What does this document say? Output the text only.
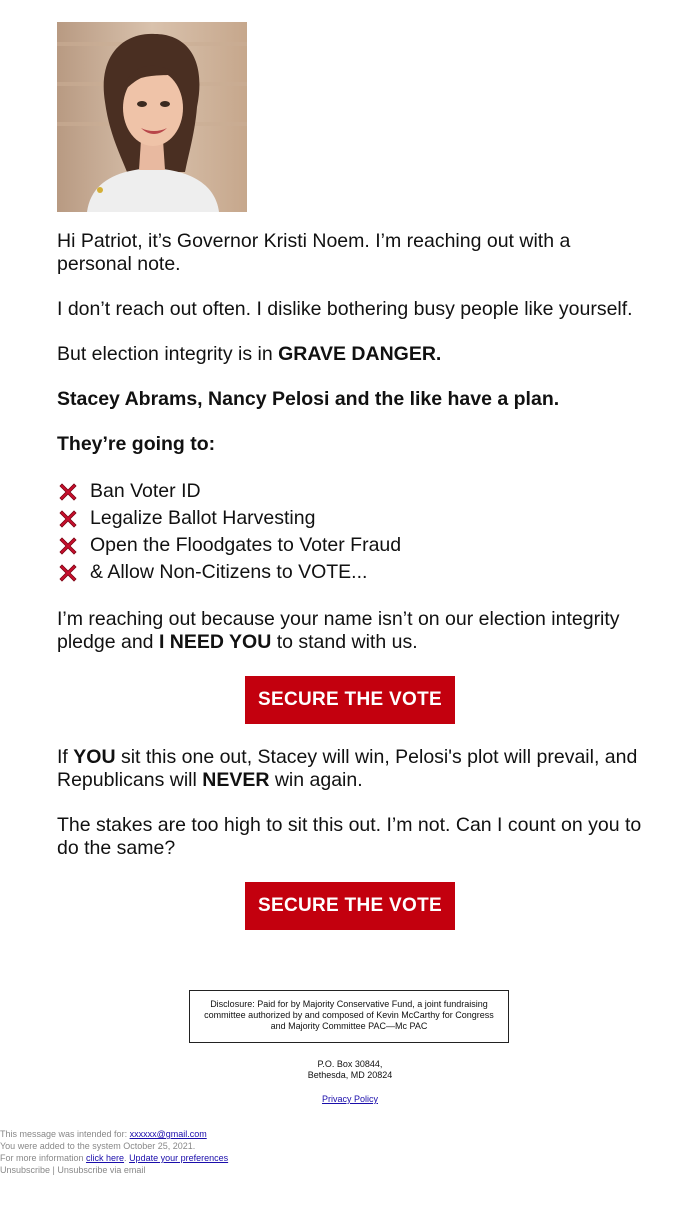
Hi Patriot, it’s Governor Kristi Noem. I’m reaching out with a personal note.

I don’t reach out often. I dislike bothering busy people like yourself.

But election integrity is in GRAVE DANGER.

Stacey Abrams, Nancy Pelosi and the like have a plan.

They’re going to:

Ban Voter ID
Legalize Ballot Harvesting
Open the Floodgates to Voter Fraud
& Allow Non-Citizens to VOTE...

I’m reaching out because your name isn’t on our election integrity pledge and I NEED YOU to stand with us.

SECURE THE VOTE

If YOU sit this one out, Stacey will win, Pelosi's plot will prevail, and Republicans will NEVER win again.

The stakes are too high to sit this out. I’m not. Can I count on you to do the same?

SECURE THE VOTE
Disclosure: Paid for by Majority Conservative Fund, a joint fundraising committee authorized by and composed of Kevin McCarthy for Congress and Majority Committee PAC—Mc PAC
P.O. Box 30844,
Bethesda, MD 20824
Privacy Policy
This message was intended for: xxxxxx@gmail.com
You were added to the system October 25, 2021.
For more information click here. Update your preferences
Unsubscribe | Unsubscribe via email
